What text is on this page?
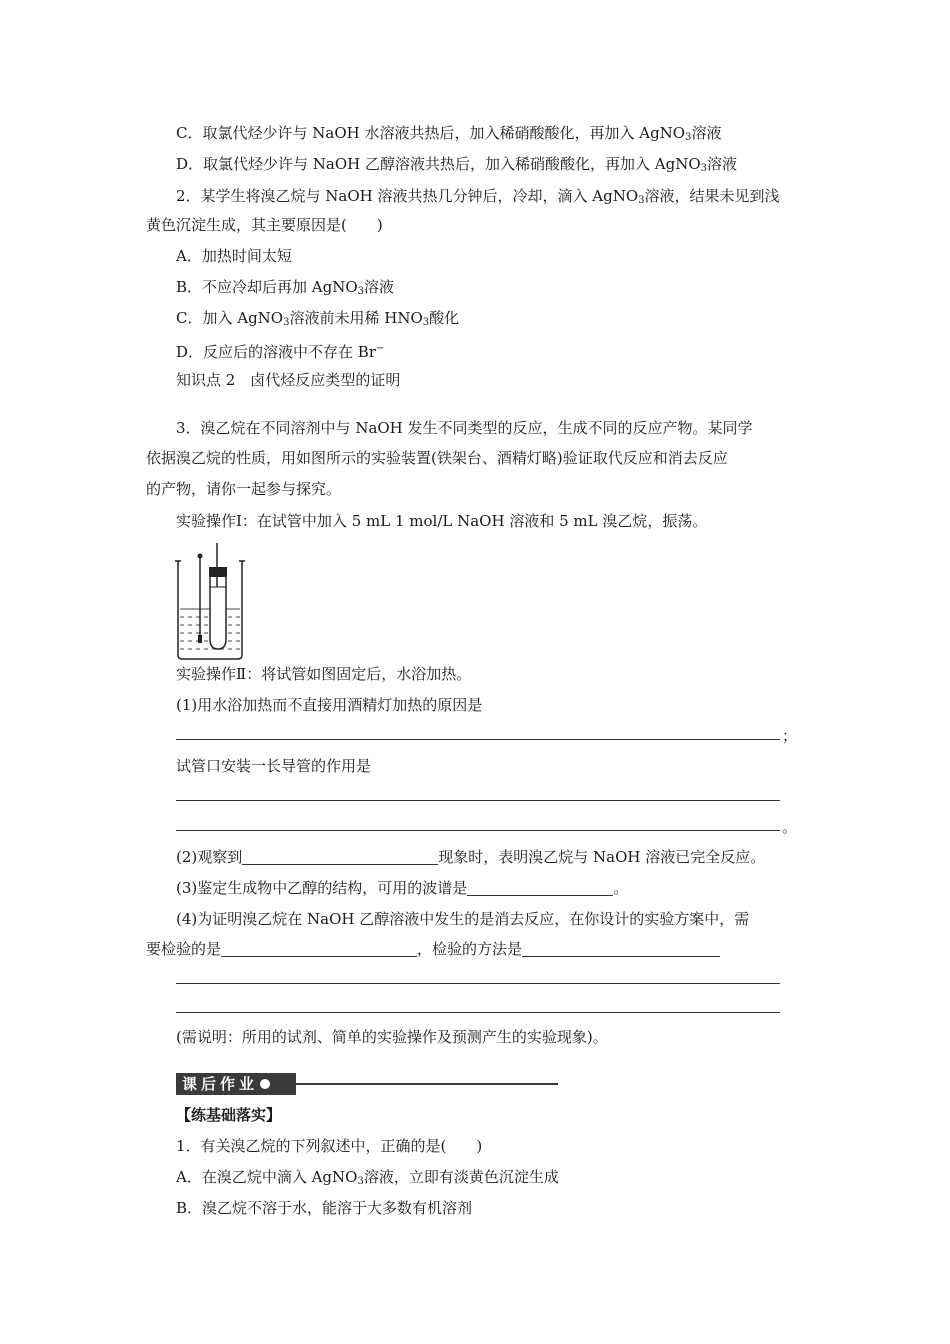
C．取氯代烃少许与 NaOH 水溶液共热后，加入稀硝酸酸化，再加入 AgNO$_3$溶液
D．取氯代烃少许与 NaOH 乙醇溶液共热后，加入稀硝酸酸化，再加入 AgNO$_3$溶液
2．某学生将溴乙烷与 NaOH 溶液共热几分钟后，冷却，滴入 AgNO$_3$溶液，结果未见到浅
黄色沉淀生成，其主要原因是(　　)
A．加热时间太短
B．不应冷却后再加 AgNO$_3$溶液
C．加入 AgNO$_3$溶液前未用稀 $HNO_3$酸化
D．反应后的溶液中不存在 Br−
知识点 2　卤代烃反应类型的证明
3．溴乙烷在不同溶剂中与 NaOH 发生不同类型的反应，生成不同的反应产物。某同学
依据溴乙烷的性质，用如图所示的实验装置(铁架台、酒精灯略)验证取代反应和消去反应
的产物，请你一起参与探究。
实验操作Ⅰ：在试管中加入 5 mL 1 mol/L NaOH 溶液和 5 mL 溴乙烷，振荡。
实验操作Ⅱ：将试管如图固定后，水浴加热。
(1)用水浴加热而不直接用酒精灯加热的原因是
；
试管口安装一长导管的作用是
。
(2)观察到	现象时，表明溴乙烷与 NaOH 溶液已完全反应。
(3)鉴定生成物中乙醇的结构，可用的波谱是	。
(4)为证明溴乙烷在 NaOH 乙醇溶液中发生的是消去反应，在你设计的实验方案中，需
要检验的是	，检验的方法是
(需说明：所用的试剂、简单的实验操作及预测产生的实验现象)。
课后作业
【练基础落实】
1．有关溴乙烷的下列叙述中，正确的是(　　)
A．在溴乙烷中滴入 AgNO$_3$溶液，立即有淡黄色沉淀生成
B．溴乙烷不溶于水，能溶于大多数有机溶剂
